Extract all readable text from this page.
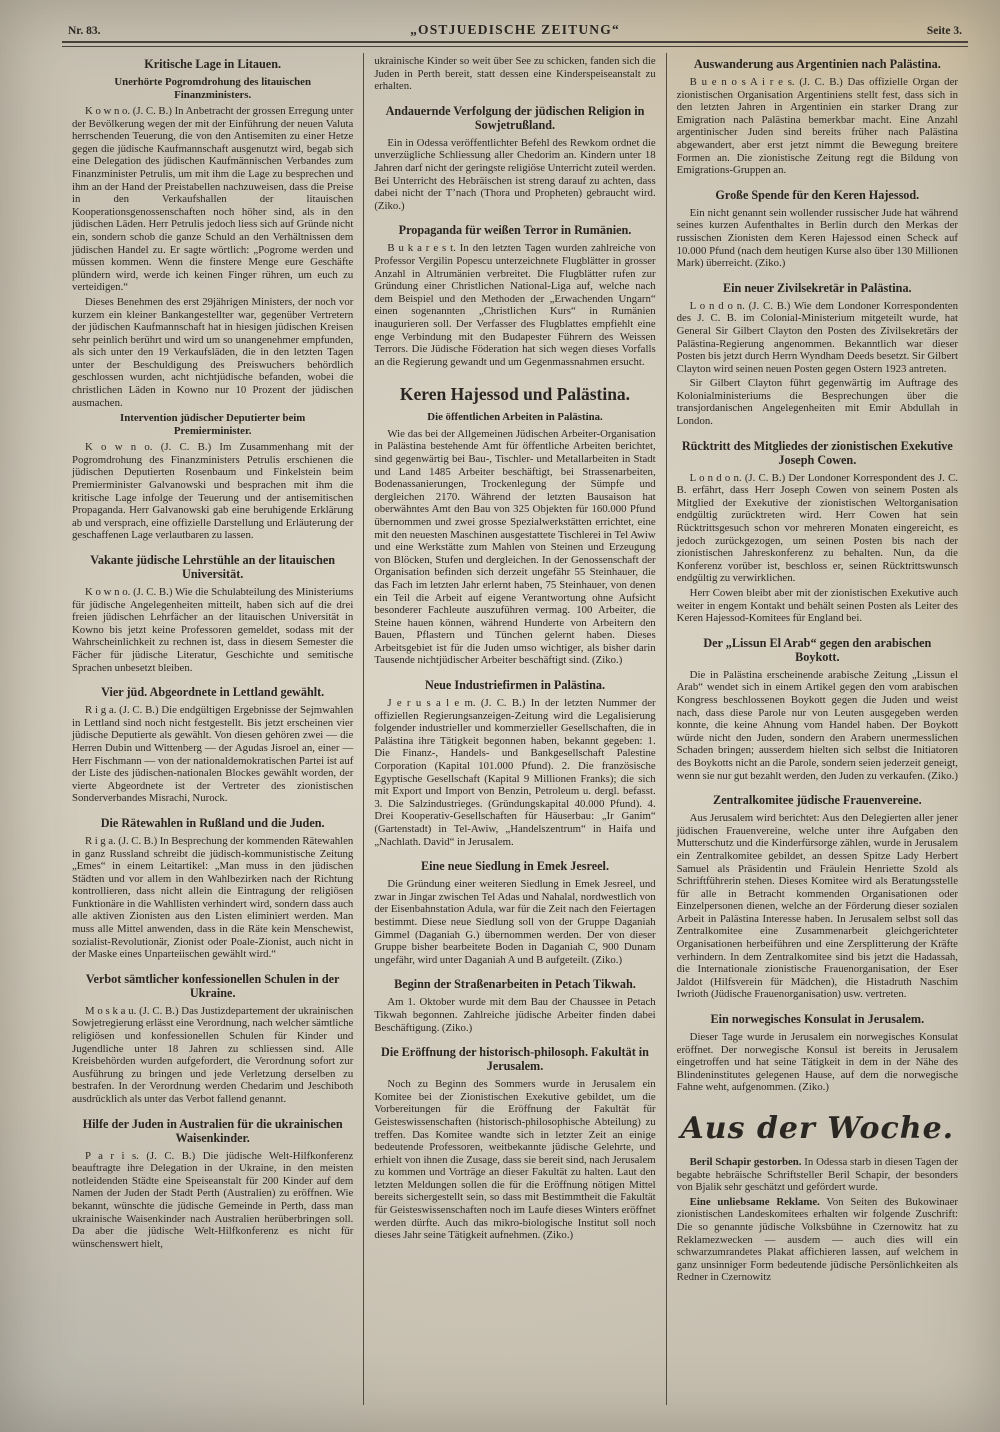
Nr. 83.	„OSTJUEDISCHE ZEITUNG“	Seite 3.
Kritische Lage in Litauen.
Unerhörte Pogromdrohung des litauischen Finanzministers.

K o w n o. (J. C. B.) In Anbetracht der grossen Erregung unter der Bevölkerung wegen der mit der Einführung der neuen Valuta herrschenden Teuerung, die von den Antisemiten zu einer Hetze gegen die jüdische Kaufmannschaft ausgenutzt wird, begab sich eine Delegation des jüdischen Kaufmännischen Verbandes zum Finanzminister Petrulis, um mit ihm die Lage zu besprechen und ihm an der Hand der Preistabellen nachzuweisen, dass die Preise in den Verkaufshallen der litauischen Kooperationsgenossenschaften noch höher sind, als in den jüdischen Läden. Herr Petrulis jedoch liess sich auf Gründe nicht ein, sondern schob die ganze Schuld an den Verhältnissen dem jüdischen Handel zu. Er sagte wörtlich: „Pogrome werden und müssen kommen. Wenn die finstere Menge eure Geschäfte plündern wird, werde ich keinen Finger rühren, um euch zu verteidigen.“

Dieses Benehmen des erst 29jährigen Ministers, der noch vor kurzem ein kleiner Bankangestellter war, gegenüber Vertretern der jüdischen Kaufmannschaft hat in hiesigen jüdischen Kreisen sehr peinlich berührt und wird um so unangenehmer empfunden, als sich unter den 19 Verkaufsläden, die in den letzten Tagen unter der Beschuldigung des Preiswuchers behördlich geschlossen wurden, acht nichtjüdische befanden, wobei die christlichen Läden in Kowno nur 10 Prozent der jüdischen ausmachen.

Intervention jüdischer Deputierter beim Premierminister.

K o w n o. (J. C. B.) Im Zusammenhang mit der Pogromdrohung des Finanzministers Petrulis erschienen die jüdischen Deputierten Rosenbaum und Finkelstein beim Premierminister Galvanowski und besprachen mit ihm die kritische Lage infolge der Teuerung und der antisemitischen Propaganda. Herr Galvanowski gab eine beruhigende Erklärung ab und versprach, eine offizielle Darstellung und Erläuterung der geschaffenen Lage verlautbaren zu lassen.

Vakante jüdische Lehrstühle an der litauischen Universität.

K o w n o. (J. C. B.) Wie die Schulabteilung des Ministeriums für jüdische Angelegenheiten mitteilt, haben sich auf die drei freien jüdischen Lehrfächer an der litauischen Universität in Kowno bis jetzt keine Professoren gemeldet, sodass mit der Wahrscheinlichkeit zu rechnen ist, dass in diesem Semester die Fächer für jüdische Literatur, Geschichte und semitische Sprachen unbesetzt bleiben.

Vier jüd. Abgeordnete in Lettland gewählt.

R i g a. (J. C. B.) Die endgültigen Ergebnisse der Sejmwahlen in Lettland sind noch nicht festgestellt. Bis jetzt erscheinen vier jüdische Deputierte als gewählt. Von diesen gehören zwei — die Herren Dubin und Wittenberg — der Agudas Jisroel an, einer — Herr Fischmann — von der nationaldemokratischen Partei ist auf der Liste des jüdischen-nationalen Blockes gewählt worden, der vierte Abgeordnete ist der Vertreter des zionistischen Sonderverbandes Misrachi, Nurock.

Die Rätewahlen in Rußland und die Juden.

R i g a. (J. C. B.) In Besprechung der kommenden Rätewahlen in ganz Russland schreibt die jüdisch-kommunistische Zeitung „Emes“ in einem Leitartikel: „Man muss in den jüdischen Städten und vor allem in den Wahlbezirken nach der Richtung kontrollieren, dass nicht allein die Eintragung der religiösen Funktionäre in die Wahllisten verhindert wird, sondern dass auch alle aktiven Zionisten aus den Listen eliminiert werden. Man muss alle Mittel anwenden, dass in die Räte kein Menschewist, sozialist-Revolutionär, Zionist oder Poale-Zionist, auch nicht in der Maske eines Unparteiischen gewählt wird.“

Verbot sämtlicher konfessionellen Schulen in der Ukraine.

M o s k a u. (J. C. B.) Das Justizdepartement der ukrainischen Sowjetregierung erlässt eine Verordnung, nach welcher sämtliche religiösen und konfessionellen Schulen für Kinder und Jugendliche unter 18 Jahren zu schliessen sind. Alle Kreisbehörden wurden aufgefordert, die Verordnung sofort zur Ausführung zu bringen und jede Verletzung derselben zu bestrafen. In der Verordnung werden Chedarim und Jeschiboth ausdrücklich als unter das Verbot fallend genannt.

Hilfe der Juden in Australien für die ukrainischen Waisenkinder.

P a r i s. (J. C. B.) Die jüdische Welt-Hilfkonferenz beauftragte ihre Delegation in der Ukraine, in den meisten notleidenden Städte eine Speiseanstalt für 200 Kinder auf dem Namen der Juden der Stadt Perth (Australien) zu eröffnen. Wie bekannt, wünschte die jüdische Gemeinde in Perth, dass man ukrainische Waisenkinder nach Australien herüberbringen soll. Da aber die jüdische Welt-Hilfkonferenz es nicht für wünschenswert hielt,

ukrainische Kinder so weit über See zu schicken, fanden sich die Juden in Perth bereit, statt dessen eine Kinderspeiseanstalt zu erhalten.

Andauernde Verfolgung der jüdischen Religion in Sowjetrußland.

Ein in Odessa veröffentlichter Befehl des Rewkom ordnet die unverzügliche Schliessung aller Chedorim an. Kindern unter 18 Jahren darf nicht der geringste religiöse Unterricht zuteil werden. Bei Unterricht des Hebräischen ist streng darauf zu achten, dass dabei nicht der T’nach (Thora und Propheten) gebraucht wird. (Ziko.)

Propaganda für weißen Terror in Rumänien.

B u k a r e s t. In den letzten Tagen wurden zahlreiche von Professor Vergilin Popescu unterzeichnete Flugblätter in grosser Anzahl in Altrumänien verbreitet. Die Flugblätter rufen zur Gründung einer Christlichen National-Liga auf, welche nach dem Beispiel und den Methoden der „Erwachenden Ungarn“ einen sogenannten „Christlichen Kurs“ in Rumänien inaugurieren soll. Der Verfasser des Flugblattes empfiehlt eine enge Verbindung mit den Budapester Führern des Weissen Terrors. Die Jüdische Föderation hat sich wegen dieses Vorfalls an die Regierung gewandt und um Gegenmassnahmen ersucht.

Keren Hajessod und Palästina.
Die öffentlichen Arbeiten in Palästina.

Wie das bei der Allgemeinen Jüdischen Arbeiter-Organisation in Palästina bestehende Amt für öffentliche Arbeiten berichtet, sind gegenwärtig bei Bau-, Tischler- und Metallarbeiten in Stadt und Land 1485 Arbeiter beschäftigt, bei Strassenarbeiten, Bodenassanierungen, Trockenlegung der Sümpfe und dergleichen 2170. Während der letzten Bausaison hat oberwähntes Amt den Bau von 325 Objekten für 160.000 Pfund übernommen und zwei grosse Spezialwerkstätten errichtet, eine mit den neuesten Maschinen ausgestattete Tischlerei in Tel Awiw und eine Werkstätte zum Mahlen von Steinen und Erzeugung von Blöcken, Stufen und dergleichen. In der Genossenschaft der Organisation befinden sich derzeit ungefähr 55 Steinhauer, die das Fach im letzten Jahr erlernt haben, 75 Steinhauer, von denen ein Teil die Arbeit auf eigene Verantwortung ohne Aufsicht besonderer Fachleute auszuführen vermag. 100 Arbeiter, die Steine hauen können, während Hunderte von Arbeitern den Bauen, Pflastern und Tünchen gelernt haben. Dieses Arbeitsgebiet ist für die Juden umso wichtiger, als bisher darin Tausende nichtjüdischer Arbeiter beschäftigt sind. (Ziko.)

Neue Industriefirmen in Palästina.

J e r u s a l e m. (J. C. B.) In der letzten Nummer der offiziellen Regierungsanzeigen-Zeitung wird die Legalisierung folgender industrieller und kommerzieller Gesellschaften, die in Palästina ihre Tätigkeit begonnen haben, bekannt gegeben: 1. Die Finanz-, Handels- und Bankgesellschaft Palestine Corporation (Kapital 101.000 Pfund). 2. Die französische Egyptische Gesellschaft (Kapital 9 Millionen Franks); die sich mit Export und Import von Benzin, Petroleum u. dergl. befasst. 3. Die Salzindustrieges. (Gründungskapital 40.000 Pfund). 4. Drei Kooperativ-Gesellschaften für Häuserbau: „Ir Ganim“ (Gartenstadt) in Tel-Awiw, „Handelszentrum“ in Haifa und „Nachlath. David“ in Jerusalem.

Eine neue Siedlung in Emek Jesreel.

Die Gründung einer weiteren Siedlung in Emek Jesreel, und zwar in Jingar zwischen Tel Adas und Nahalal, nordwestlich von der Eisenbahnstation Adula, war für die Zeit nach den Feiertagen bestimmt. Diese neue Siedlung soll von der Gruppe Daganiah Gimmel (Daganiah G.) übernommen werden. Der von dieser Gruppe bisher bearbeitete Boden in Daganiah C, 900 Dunam ungefähr, wird unter Daganiah A und B aufgeteilt. (Ziko.)

Beginn der Straßenarbeiten in Petach Tikwah.

Am 1. Oktober wurde mit dem Bau der Chaussee in Petach Tikwah begonnen. Zahlreiche jüdische Arbeiter finden dabei Beschäftigung. (Ziko.)

Die Eröffnung der historisch-philosoph. Fakultät in Jerusalem.

Noch zu Beginn des Sommers wurde in Jerusalem ein Komitee bei der Zionistischen Exekutive gebildet, um die Vorbereitungen für die Eröffnung der Fakultät für Geisteswissenschaften (historisch-philosophische Abteilung) zu treffen. Das Komitee wandte sich in letzter Zeit an einige bedeutende Professoren, weitbekannte jüdische Gelehrte, und erhielt von ihnen die Zusage, dass sie bereit sind, nach Jerusalem zu kommen und Vorträge an dieser Fakultät zu halten. Laut den letzten Meldungen sollen die für die Eröffnung nötigen Mittel bereits sichergestellt sein, so dass mit Bestimmtheit die Fakultät für Geisteswissenschaften noch im Laufe dieses Winters eröffnet werden dürfte. Auch das mikro-biologische Institut soll noch dieses Jahr seine Tätigkeit aufnehmen. (Ziko.)

Auswanderung aus Argentinien nach Palästina.

B u e n o s A i r e s. (J. C. B.) Das offizielle Organ der zionistischen Organisation Argentiniens stellt fest, dass sich in den letzten Jahren in Argentinien ein starker Drang zur Emigration nach Palästina bemerkbar macht. Eine Anzahl argentinischer Juden sind bereits früher nach Palästina abgewandert, aber erst jetzt nimmt die Bewegung breitere Formen an. Die zionistische Zeitung regt die Bildung von Emigrations-Gruppen an.

Große Spende für den Keren Hajessod.

Ein nicht genannt sein wollender russischer Jude hat während seines kurzen Aufenthaltes in Berlin durch den Merkas der russischen Zionisten dem Keren Hajessod einen Scheck auf 10.000 Pfund (nach dem heutigen Kurse also über 130 Millionen Mark) überreicht. (Ziko.)

Ein neuer Zivilsekretär in Palästina.

L o n d o n. (J. C. B.) Wie dem Londoner Korrespondenten des J. C. B. im Colonial-Ministerium mitgeteilt wurde, hat General Sir Gilbert Clayton den Posten des Zivilsekretärs der Palästina-Regierung angenommen. Bekanntlich war dieser Posten bis jetzt durch Herrn Wyndham Deeds besetzt. Sir Gilbert Clayton wird seinen neuen Posten gegen Ostern 1923 antreten.

Sir Gilbert Clayton führt gegenwärtig im Auftrage des Kolonialministeriums die Besprechungen über die transjordanischen Angelegenheiten mit Emir Abdullah in London.

Rücktritt des Mitgliedes der zionistischen Exekutive Joseph Cowen.

L o n d o n. (J. C. B.) Der Londoner Korrespondent des J. C. B. erfährt, dass Herr Joseph Cowen von seinem Posten als Mitglied der Exekutive der zionistischen Weltorganisation endgültig zurücktreten wird. Herr Cowen hat sein Rücktrittsgesuch schon vor mehreren Monaten eingereicht, es jedoch zurückgezogen, um seinen Posten bis nach der zionistischen Jahreskonferenz zu behalten. Nun, da die Konferenz vorüber ist, beschloss er, seinen Rücktrittswunsch endgültig zu verwirklichen.

Herr Cowen bleibt aber mit der zionistischen Exekutive auch weiter in engem Kontakt und behält seinen Posten als Leiter des Keren Hajessod-Komitees für England bei.

Der „Lissun El Arab“ gegen den arabischen Boykott.

Die in Palästina erscheinende arabische Zeitung „Lissun el Arab“ wendet sich in einem Artikel gegen den vom arabischen Kongress beschlossenen Boykott gegen die Juden und weist nach, dass diese Parole nur von Leuten ausgegeben werden konnte, die keine Ahnung vom Handel haben. Der Boykott würde nicht den Juden, sondern den Arabern unermesslichen Schaden bringen; ausserdem hielten sich selbst die Initiatoren des Boykotts nicht an die Parole, sondern seien jederzeit geneigt, wenn sie nur gut bezahlt werden, den Juden zu verkaufen. (Ziko.)

Zentralkomitee jüdische Frauenvereine.

Aus Jerusalem wird berichtet: Aus den Delegierten aller jener jüdischen Frauenvereine, welche unter ihre Aufgaben den Mutterschutz und die Kinderfürsorge zählen, wurde in Jerusalem ein Zentralkomitee gebildet, an dessen Spitze Lady Herbert Samuel als Präsidentin und Fräulein Henriette Szold als Schriftführerin stehen. Dieses Komitee wird als Beratungsstelle für alle in Betracht kommenden Organisationen oder Einzelpersonen dienen, welche an der Förderung dieser sozialen Arbeit in Palästina Interesse haben. In Jerusalem selbst soll das Zentralkomitee eine Zusammenarbeit gleichgerichteter Organisationen herbeiführen und eine Zersplitterung der Kräfte verhindern. In dem Zentralkomitee sind bis jetzt die Hadassah, die Internationale zionistische Frauenorganisation, der Eser Jaldot (Hilfsverein für Mädchen), die Histadruth Naschim Iwrioth (Jüdische Frauenorganisation) usw. vertreten.

Ein norwegisches Konsulat in Jerusalem.

Dieser Tage wurde in Jerusalem ein norwegisches Konsulat eröffnet. Der norwegische Konsul ist bereits in Jerusalem eingetroffen und hat seine Tätigkeit in dem in der Nähe des Blindeninstitutes gelegenen Hause, auf dem die norwegische Fahne weht, aufgenommen. (Ziko.)

Aus der Woche.

Beril Schapir gestorben. In Odessa starb in diesen Tagen der begabte hebräische Schriftsteller Beril Schapir, der besonders von Bjalik sehr geschätzt und gefördert wurde.

Eine unliebsame Reklame. Von Seiten des Bukowinaer zionistischen Landeskomitees erhalten wir folgende Zuschrift: Die so genannte jüdische Volksbühne in Czernowitz hat zu Reklamezwecken — ausdem — auch dies will ein schwarzumrandetes Plakat affichieren lassen, auf welchem in ganz unsinniger Form bedeutende jüdische Persönlichkeiten als Redner in Czernowitz
